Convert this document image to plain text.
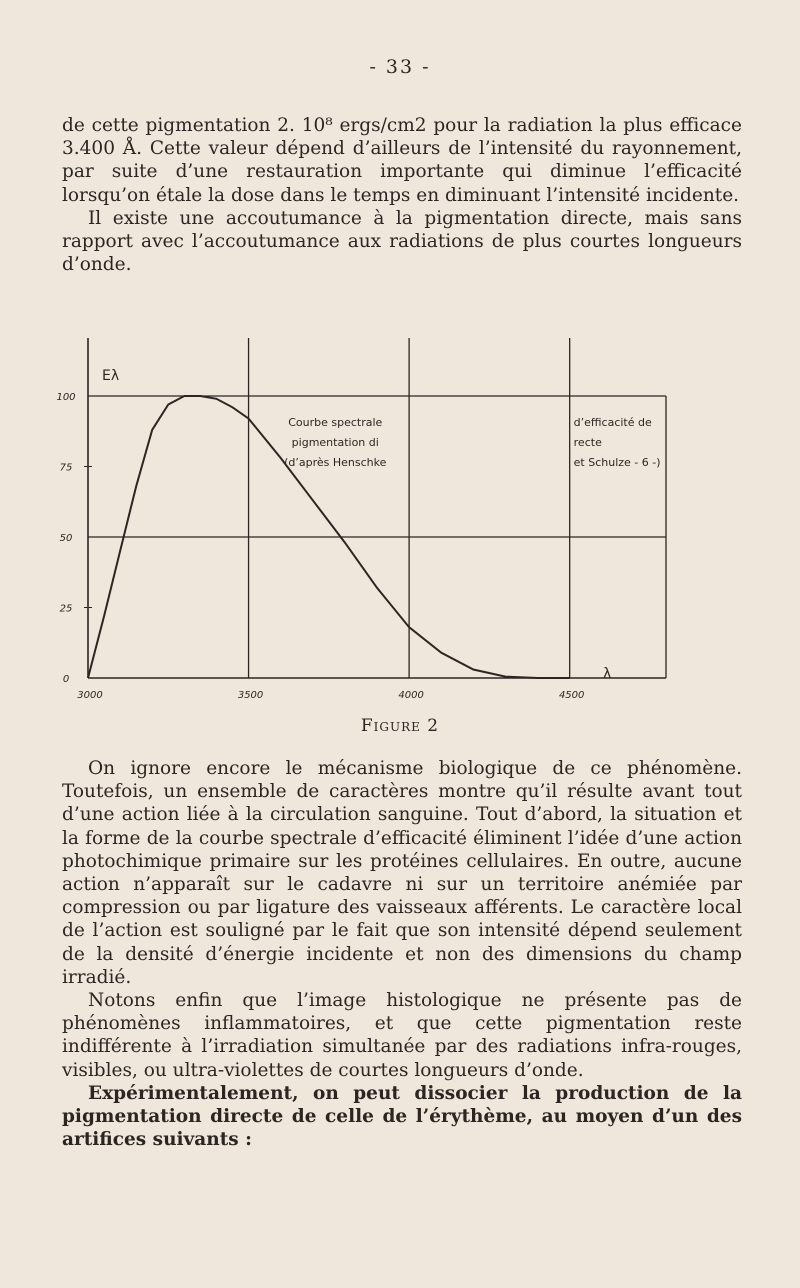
- 33 -

de cette pigmentation 2. 10⁸ ergs/cm2 pour la radiation la plus efficace 3.400 Å. Cette valeur dépend d’ailleurs de l’intensité du rayonnement, par suite d’une restauration importante qui diminue l’efficacité lorsqu’on étale la dose dans le temps en diminuant l’intensité incidente.

Il existe une accoutumance à la pigmentation directe, mais sans rapport avec l’accoutumance aux radiations de plus courtes longueurs d’onde.

0
25
50
75
100
3000	3500	4000	4500
Eλ
λ
Courbe spectrale
pigmentation di
(d’après Henschke
d’efficacité de
recte
et Schulze - 6 -)
Figure 2

On ignore encore le mécanisme biologique de ce phénomène. Toutefois, un ensemble de caractères montre qu’il résulte avant tout d’une action liée à la circulation sanguine. Tout d’abord, la situation et la forme de la courbe spectrale d’efficacité éliminent l’idée d’une action photochimique primaire sur les protéines cellulaires. En outre, aucune action n’apparaît sur le cadavre ni sur un territoire anémiée par compression ou par ligature des vaisseaux afférents. Le caractère local de l’action est souligné par le fait que son intensité dépend seulement de la densité d’énergie incidente et non des dimensions du champ irradié.

Notons enfin que l’image histologique ne présente pas de phénomènes inflammatoires, et que cette pigmentation reste indifférente à l’irradiation simultanée par des radiations infra-rouges, visibles, ou ultra-violettes de courtes longueurs d’onde.

Expérimentalement, on peut dissocier la production de la pigmentation directe de celle de l’érythème, au moyen d’un des artifices suivants :
